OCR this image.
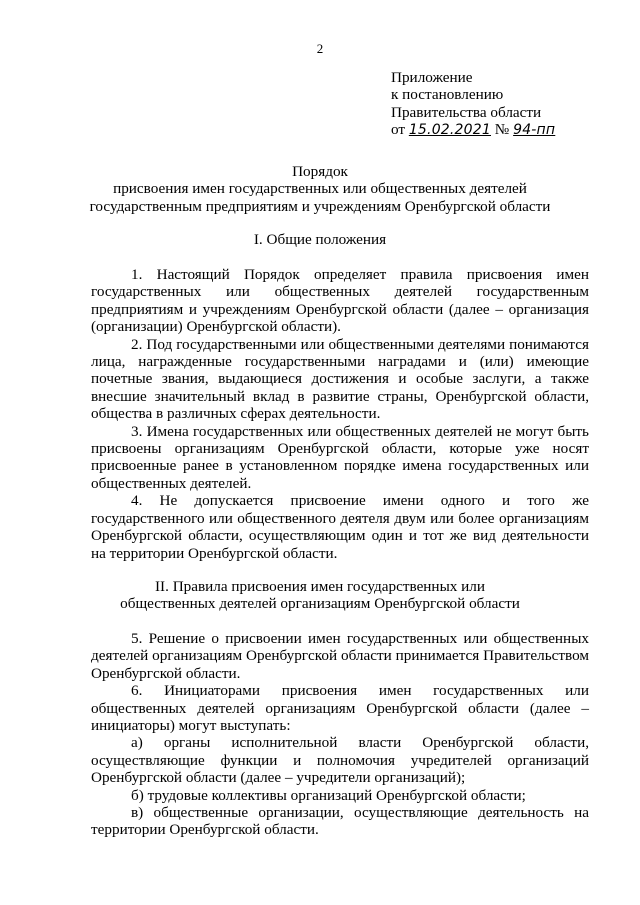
2
Приложение
к постановлению
Правительства области
от 15.02.2021 № 94-пп
Порядок
присвоения имен государственных или общественных деятелей
государственным предприятиям и учреждениям Оренбургской области
I. Общие положения

1. Настоящий Порядок определяет правила присвоения имен государственных или общественных деятелей государственным предприятиям и учреждениям Оренбургской области (далее – организация (организации) Оренбургской области).

2. Под государственными или общественными деятелями понимаются лица, награжденные государственными наградами и (или) имеющие почетные звания, выдающиеся достижения и особые заслуги, а также внесшие значительный вклад в развитие страны, Оренбургской области, общества в различных сферах деятельности.

3. Имена государственных или общественных деятелей не могут быть присвоены организациям Оренбургской области, которые уже носят присвоенные ранее в установленном порядке имена государственных или общественных деятелей.

4. Не допускается присвоение имени одного и того же государственного или общественного деятеля двум или более организациям Оренбургской области, осуществляющим один и тот же вид деятельности на территории Оренбургской области.

II. Правила присвоения имен государственных или
общественных деятелей организациям Оренбургской области

5. Решение о присвоении имен государственных или общественных деятелей организациям Оренбургской области принимается Правительством Оренбургской области.

6. Инициаторами присвоения имен государственных или общественных деятелей организациям Оренбургской области (далее – инициаторы) могут выступать:

а) органы исполнительной власти Оренбургской области, осуществляющие функции и полномочия учредителей организаций Оренбургской области (далее – учредители организаций);

б) трудовые коллективы организаций Оренбургской области;

в) общественные организации, осуществляющие деятельность на территории Оренбургской области.
